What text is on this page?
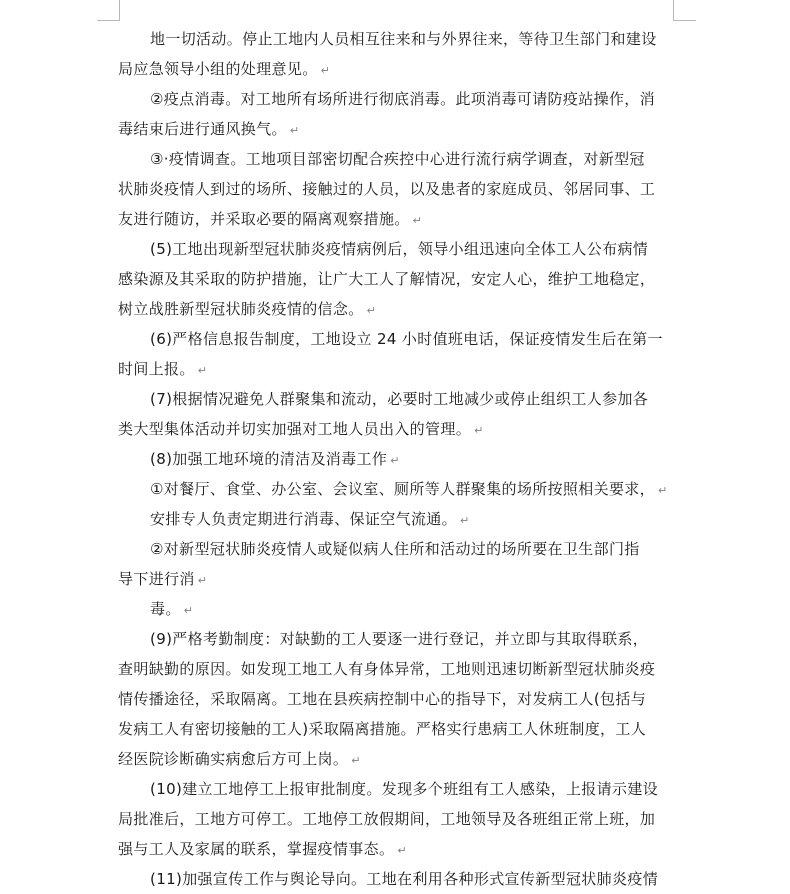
地一切活动。停止工地内人员相互往来和与外界往来，等待卫生部门和建设
局应急领导小组的处理意见。 ↵
②疫点消毒。对工地所有场所进行彻底消毒。此项消毒可请防疫站操作，消
毒结束后进行通风换气。 ↵
③·疫情调查。工地项目部密切配合疾控中心进行流行病学调查，对新型冠
状肺炎疫情人到过的场所、接触过的人员，以及患者的家庭成员、邻居同事、工
友进行随访，并采取必要的隔离观察措施。 ↵
(5)工地出现新型冠状肺炎疫情病例后，领导小组迅速向全体工人公布病情
感染源及其采取的防护措施，让广大工人了解情况，安定人心，维护工地稳定，
树立战胜新型冠状肺炎疫情的信念。 ↵
(6)严格信息报告制度，工地设立 24 小时值班电话，保证疫情发生后在第一
时间上报。 ↵
(7)根据情况避免人群聚集和流动，必要时工地减少或停止组织工人参加各
类大型集体活动并切实加强对工地人员出入的管理。 ↵
(8)加强工地环境的清洁及消毒工作 ↵
①对餐厅、食堂、办公室、会议室、厕所等人群聚集的场所按照相关要求， ↵
安排专人负责定期进行消毒、保证空气流通。 ↵
②对新型冠状肺炎疫情人或疑似病人住所和活动过的场所要在卫生部门指
导下进行消 ↵
毒。 ↵
(9)严格考勤制度：对缺勤的工人要逐一进行登记，并立即与其取得联系，
查明缺勤的原因。如发现工地工人有身体异常，工地则迅速切断新型冠状肺炎疫
情传播途径，采取隔离。工地在县疾病控制中心的指导下，对发病工人(包括与
发病工人有密切接触的工人)采取隔离措施。严格实行患病工人休班制度，工人
经医院诊断确实病愈后方可上岗。 ↵
(10)建立工地停工上报审批制度。发现多个班组有工人感染，上报请示建设
局批准后，工地方可停工。工地停工放假期间，工地领导及各班组正常上班，加
强与工人及家属的联系，掌握疫情事态。 ↵
(11)加强宣传工作与舆论导向。工地在利用各种形式宣传新型冠状肺炎疫情
